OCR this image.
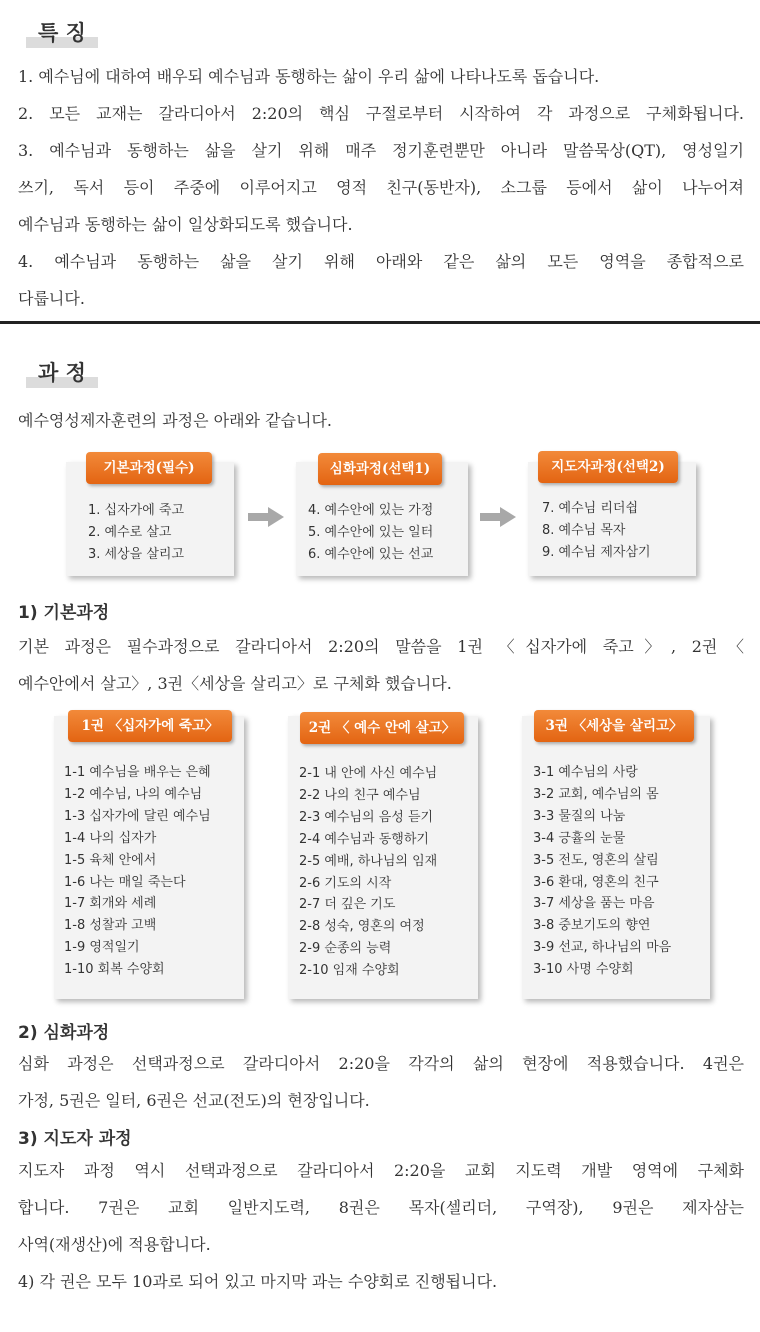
특 징
1. 예수님에 대하여 배우되 예수님과 동행하는 삶이 우리 삶에 나타나도록 돕습니다.
2. 모든 교재는 갈라디아서 2:20의 핵심 구절로부터 시작하여 각 과정으로 구체화됩니다.
3. 예수님과 동행하는 삶을 살기 위해 매주 정기훈련뿐만 아니라 말씀묵상(QT), 영성일기
쓰기, 독서 등이 주중에 이루어지고 영적 친구(동반자), 소그룹 등에서 삶이 나누어져
예수님과 동행하는 삶이 일상화되도록 했습니다.
4. 예수님과 동행하는 삶을 살기 위해 아래와 같은 삶의 모든 영역을 종합적으로
다룹니다.
과 정
예수영성제자훈련의 과정은 아래와 같습니다.
1. 십자가에 죽고
2. 예수로 살고
3. 세상을 살리고
기본과정(필수)
4. 예수안에 있는 가정
5. 예수안에 있는 일터
6. 예수안에 있는 선교
심화과정(선택1)
7. 예수님 리더쉽
8. 예수님 목자
9. 예수님 제자삼기
지도자과정(선택2)
1) 기본과정
기본 과정은 필수과정으로 갈라디아서 2:20의 말씀을 1권 〈십자가에 죽고〉, 2권〈
예수안에서 살고〉, 3권〈세상을 살리고〉로 구체화 했습니다.
1-1 예수님을 배우는 은혜
1-2 예수님, 나의 예수님
1-3 십자가에 달린 예수님
1-4 나의 십자가
1-5 육체 안에서
1-6 나는 매일 죽는다
1-7 회개와 세례
1-8 성찰과 고백
1-9 영적일기
1-10 회복 수양회
1권 〈십자가에 죽고〉
2-1 내 안에 사신 예수님
2-2 나의 친구 예수님
2-3 예수님의 음성 듣기
2-4 예수님과 동행하기
2-5 예배, 하나님의 임재
2-6 기도의 시작
2-7 더 깊은 기도
2-8 성숙, 영혼의 여정
2-9 순종의 능력
2-10 임재 수양회
2권 〈 예수 안에 살고〉
3-1 예수님의 사랑
3-2 교회, 예수님의 몸
3-3 물질의 나눔
3-4 긍휼의 눈물
3-5 전도, 영혼의 살림
3-6 환대, 영혼의 친구
3-7 세상을 품는 마음
3-8 중보기도의 향연
3-9 선교, 하나님의 마음
3-10 사명 수양회
3권 〈세상을 살리고〉
2) 심화과정
심화 과정은 선택과정으로 갈라디아서 2:20을 각각의 삶의 현장에 적용했습니다. 4권은
가정, 5권은 일터, 6권은 선교(전도)의 현장입니다.
3) 지도자 과정
지도자 과정 역시 선택과정으로 갈라디아서 2:20을 교회 지도력 개발 영역에 구체화
합니다. 7권은 교회 일반지도력, 8권은 목자(셀리더, 구역장), 9권은 제자삼는
사역(재생산)에 적용합니다.
4) 각 권은 모두 10과로 되어 있고 마지막 과는 수양회로 진행됩니다.
